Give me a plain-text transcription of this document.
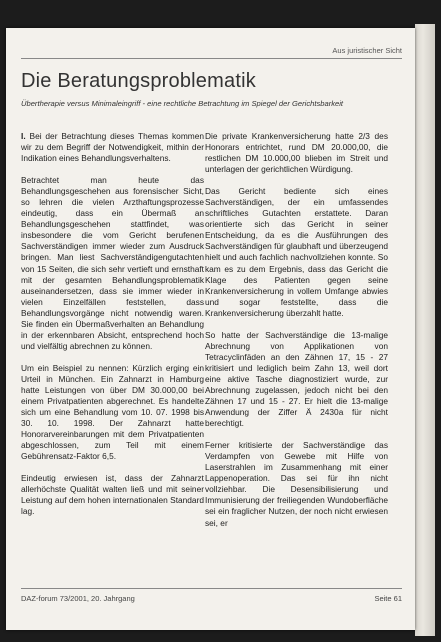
Aus juristischer Sicht
Die Beratungsproblematik
Übertherapie versus Minimaleingriff - eine rechtliche Betrachtung im Spiegel der Gerichtsbarkeit

I. Bei der Betrachtung dieses Themas kommen wir zu dem Begriff der Notwendigkeit, mithin der Indikation eines Behandlungsverhaltens.

Betrachtet man heute das Behandlungsgeschehen aus forensischer Sicht, so lehren die vielen Arzthaftungsprozesse eindeutig, dass ein Übermaß an Behandlungsgeschehen stattfindet, was insbesondere die vom Gericht berufenen Sachverständigen immer wieder zum Ausdruck bringen. Man liest Sachverständigengutachten von 15 Seiten, die sich sehr vertieft und ernsthaft mit der gesamten Behandlungsproblematik auseinandersetzen, dass sie immer wieder in vielen Einzelfällen feststellen, dass Behandlungsvorgänge nicht notwendig waren. Sie finden ein Übermaßverhalten an Behandlung in der erkennbaren Absicht, entsprechend hoch und vielfältig abrechnen zu können.

Um ein Beispiel zu nennen: Kürzlich erging ein Urteil in München. Ein Zahnarzt in Hamburg hatte Leistungen von über DM 30.000,00 bei einem Privatpatienten abgerechnet. Es handelte sich um eine Behandlung vom 10. 07. 1998 bis 30. 10. 1998. Der Zahnarzt hatte Honorarvereinbarungen mit dem Privatpatienten abgeschlossen, zum Teil mit einem Gebührensatz-Faktor 6,5.

Eindeutig erwiesen ist, dass der Zahnarzt allerhöchste Qualität walten ließ und mit seiner Leistung auf dem hohen internationalen Standard lag.

Die private Krankenversicherung hatte 2/3 des Honorars entrichtet, rund DM 20.000,00, die restlichen DM 10.000,00 blieben im Streit und unterlagen der gerichtlichen Würdigung.

Das Gericht bediente sich eines Sachverständigen, der ein umfassendes schriftliches Gutachten erstattete. Daran orientierte sich das Gericht in seiner Entscheidung, da es die Ausführungen des Sachverständigen für glaubhaft und überzeugend hielt und auch fachlich nachvollziehen konnte. So kam es zu dem Ergebnis, dass das Gericht die Klage des Patienten gegen seine Krankenversicherung in vollem Umfange abwies und sogar feststellte, dass die Krankenversicherung überzahlt hatte.

So hatte der Sachverständige die 13-malige Abrechnung von Applikationen von Tetracyclinfäden an den Zähnen 17, 15 - 27 kritisiert und lediglich beim Zahn 13, weil dort eine aktive Tasche diagnostiziert wurde, zur Abrechnung zugelassen, jedoch nicht bei den Zähnen 17 und 15 - 27. Er hielt die 13-malige Anwendung der Ziffer Ä 2430a für nicht berechtigt.

Ferner kritisierte der Sachverständige das Verdampfen von Gewebe mit Hilfe von Laserstrahlen im Zusammenhang mit einer Lappenoperation. Das sei für ihn nicht vollziehbar. Die Desensibilisierung und Immunisierung der freiliegenden Wundoberfläche sei ein fraglicher Nutzen, der noch nicht erwiesen sei, er

DAZ-forum 73/2001, 20. Jahrgang	Seite 61
